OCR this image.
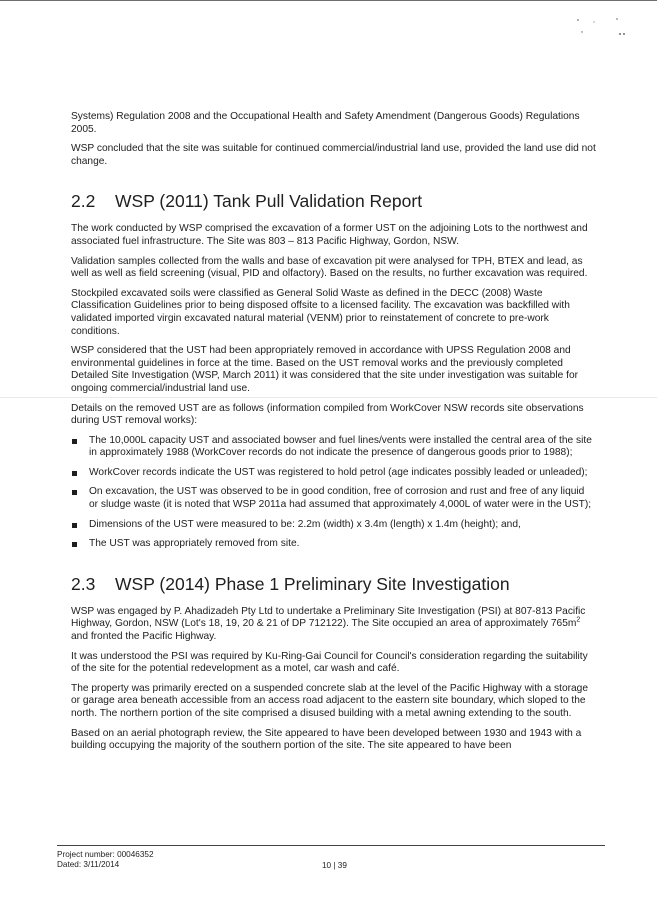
Systems) Regulation 2008 and the Occupational Health and Safety Amendment (Dangerous Goods) Regulations 2005.

WSP concluded that the site was suitable for continued commercial/industrial land use, provided the land use did not change.

2.2	WSP (2011) Tank Pull Validation Report

The work conducted by WSP comprised the excavation of a former UST on the adjoining Lots to the northwest and associated fuel infrastructure. The Site was 803 – 813 Pacific Highway, Gordon, NSW.

Validation samples collected from the walls and base of excavation pit were analysed for TPH, BTEX and lead, as well as well as field screening (visual, PID and olfactory). Based on the results, no further excavation was required.

Stockpiled excavated soils were classified as General Solid Waste as defined in the DECC (2008) Waste Classification Guidelines prior to being disposed offsite to a licensed facility. The excavation was backfilled with validated imported virgin excavated natural material (VENM) prior to reinstatement of concrete to pre-work conditions.

WSP considered that the UST had been appropriately removed in accordance with UPSS Regulation 2008 and environmental guidelines in force at the time. Based on the UST removal works and the previously completed Detailed Site Investigation (WSP, March 2011) it was considered that the site under investigation was suitable for ongoing commercial/industrial land use.

Details on the removed UST are as follows (information compiled from WorkCover NSW records site observations during UST removal works):

The 10,000L capacity UST and associated bowser and fuel lines/vents were installed the central area of the site in approximately 1988 (WorkCover records do not indicate the presence of dangerous goods prior to 1988);
WorkCover records indicate the UST was registered to hold petrol (age indicates possibly leaded or unleaded);
On excavation, the UST was observed to be in good condition, free of corrosion and rust and free of any liquid or sludge waste (it is noted that WSP 2011a had assumed that approximately 4,000L of water were in the UST);
Dimensions of the UST were measured to be: 2.2m (width) x 3.4m (length) x 1.4m (height); and,
The UST was appropriately removed from site.
2.3	WSP (2014) Phase 1 Preliminary Site Investigation

WSP was engaged by P. Ahadizadeh Pty Ltd to undertake a Preliminary Site Investigation (PSI) at 807-813 Pacific Highway, Gordon, NSW (Lot's 18, 19, 20 & 21 of DP 712122). The Site occupied an area of approximately $765m^2$ and fronted the Pacific Highway.

It was understood the PSI was required by Ku-Ring-Gai Council for Council's consideration regarding the suitability of the site for the potential redevelopment as a motel, car wash and café.

The property was primarily erected on a suspended concrete slab at the level of the Pacific Highway with a storage or garage area beneath accessible from an access road adjacent to the eastern site boundary, which sloped to the north. The northern portion of the site comprised a disused building with a metal awning extending to the south.

Based on an aerial photograph review, the Site appeared to have been developed between 1930 and 1943 with a building occupying the majority of the southern portion of the site. The site appeared to have been

Project number: 00046352
Dated: 3/11/2014	10 | 39
